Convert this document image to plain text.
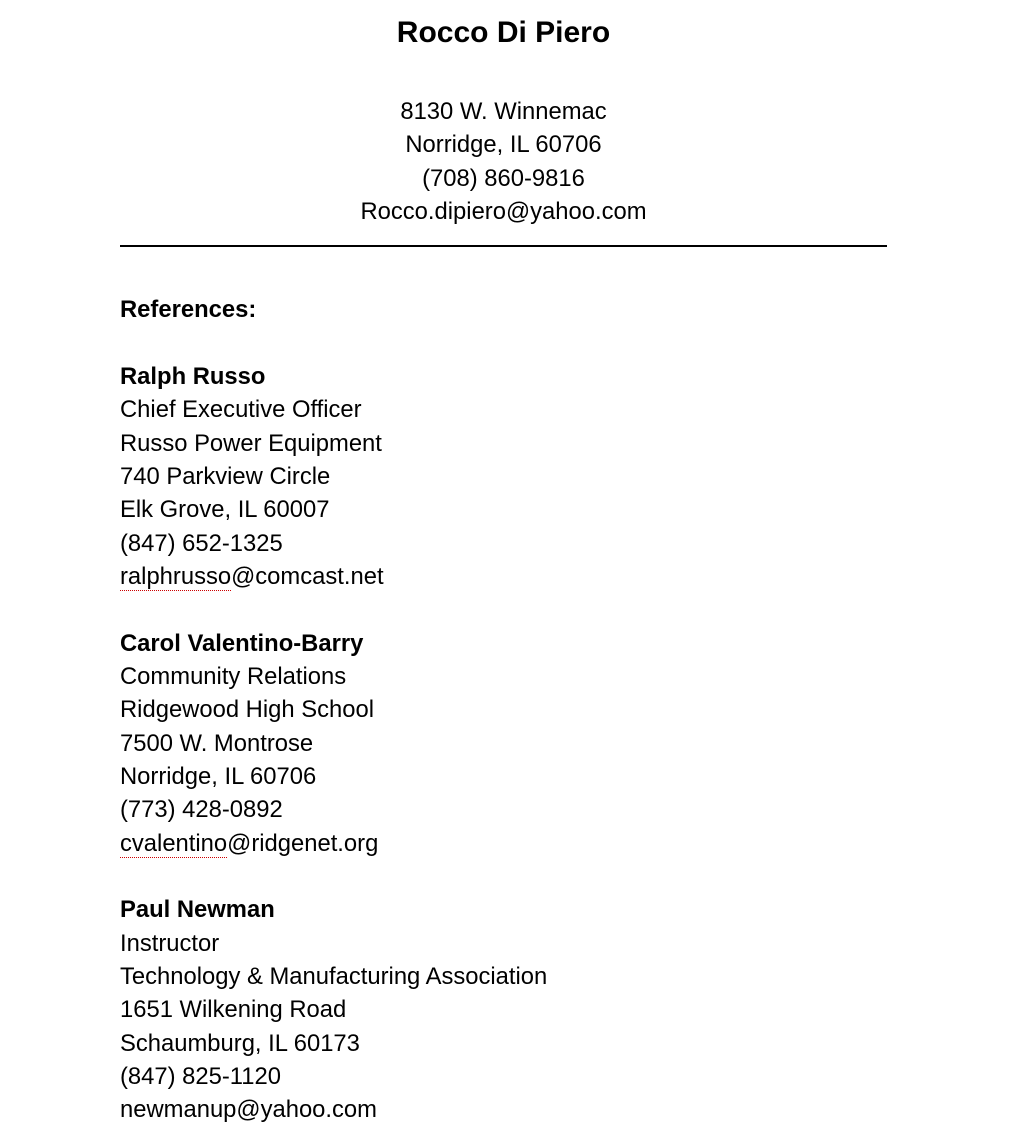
Rocco Di Piero
8130 W. Winnemac
Norridge, IL 60706
(708) 860-9816
Rocco.dipiero@yahoo.com
References:
Ralph Russo
Chief Executive Officer
Russo Power Equipment
740 Parkview Circle
Elk Grove, IL 60007
(847) 652-1325
ralphrusso@comcast.net
Carol Valentino-Barry
Community Relations
Ridgewood High School
7500 W. Montrose
Norridge, IL 60706
(773) 428-0892
cvalentino@ridgenet.org
Paul Newman
Instructor
Technology & Manufacturing Association
1651 Wilkening Road
Schaumburg, IL 60173
(847) 825-1120
newmanup@yahoo.com
